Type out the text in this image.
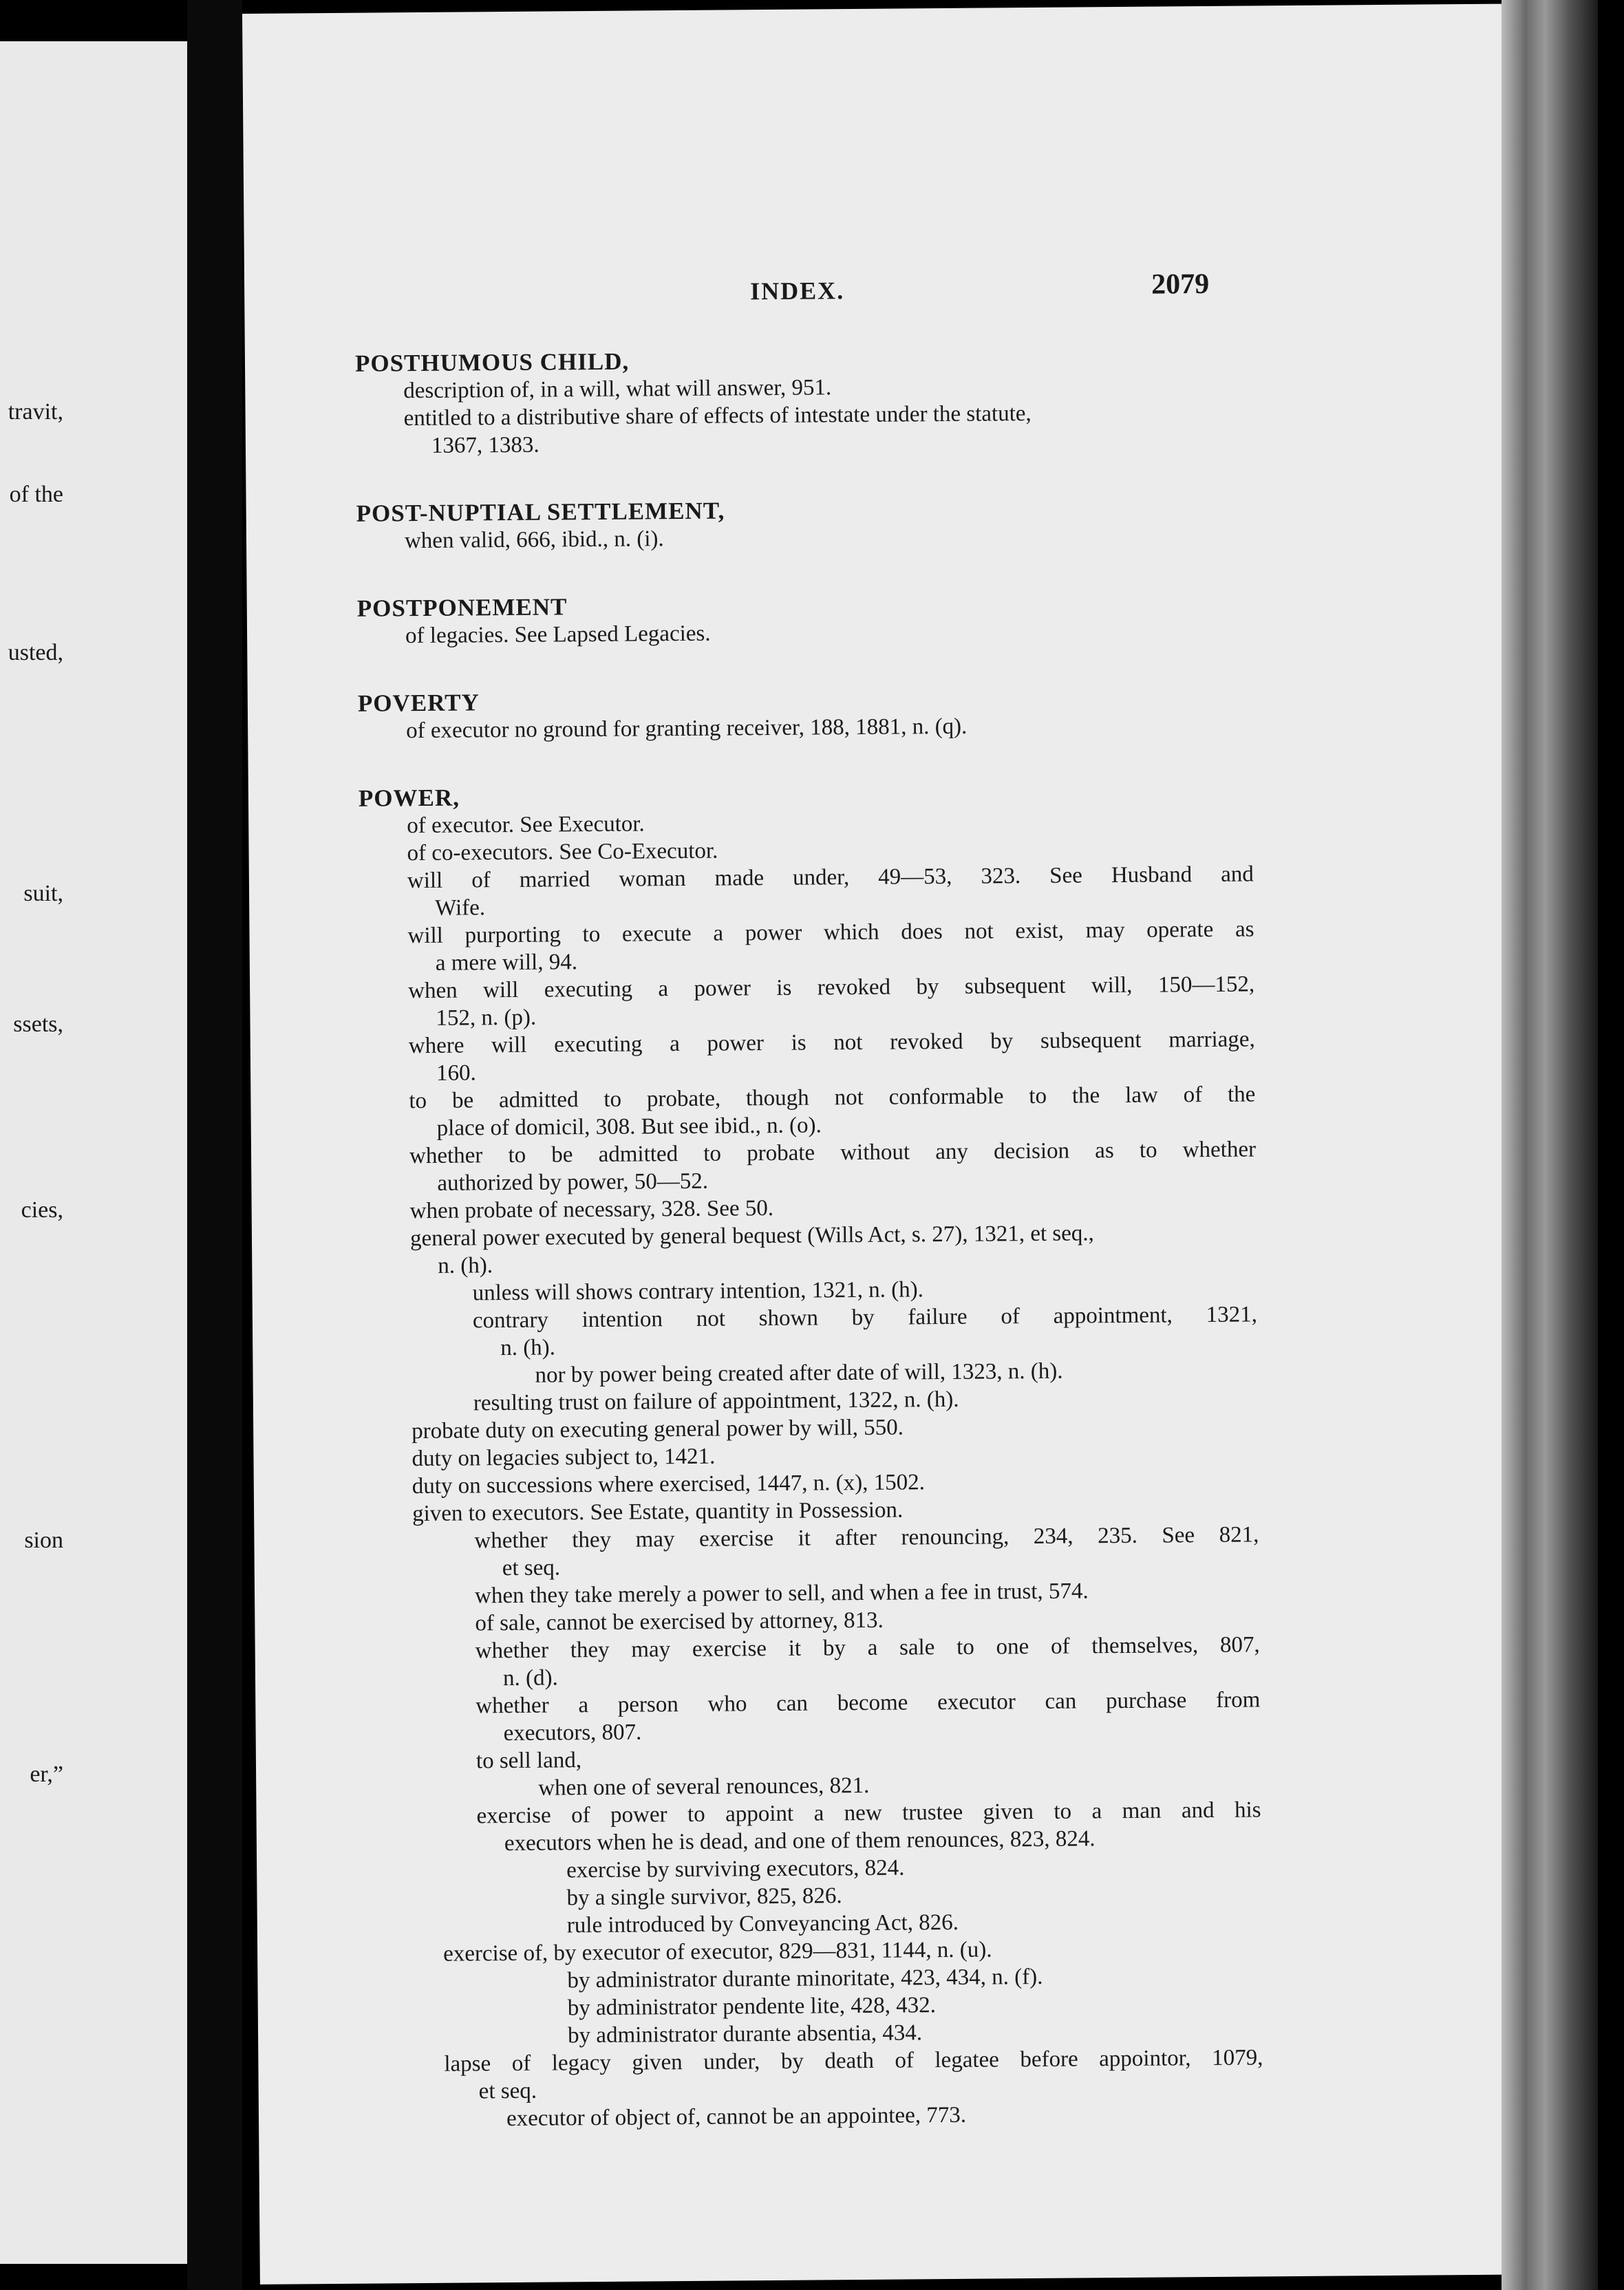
travit,
of the
usted,
suit,
ssets,
cies,
sion
er,”
INDEX.	2079
POSTHUMOUS CHILD,
description of, in a will, what will answer, 951.
entitled to a distributive share of effects of intestate under the statute,
1367, 1383.
POST-NUPTIAL SETTLEMENT,
when valid, 666, ibid., n. (i).
POSTPONEMENT
of legacies. See Lapsed Legacies.
POVERTY
of executor no ground for granting receiver, 188, 1881, n. (q).
POWER,
of executor. See Executor.
of co-executors. See Co-Executor.
will of married woman made under, 49—53, 323. See Husband and
Wife.
will purporting to execute a power which does not exist, may operate as
a mere will, 94.
when will executing a power is revoked by subsequent will, 150—152,
152, n. (p).
where will executing a power is not revoked by subsequent marriage,
160.
to be admitted to probate, though not conformable to the law of the
place of domicil, 308. But see ibid., n. (o).
whether to be admitted to probate without any decision as to whether
authorized by power, 50—52.
when probate of necessary, 328. See 50.
general power executed by general bequest (Wills Act, s. 27), 1321, et seq.,
n. (h).
unless will shows contrary intention, 1321, n. (h).
contrary intention not shown by failure of appointment, 1321,
n. (h).
nor by power being created after date of will, 1323, n. (h).
resulting trust on failure of appointment, 1322, n. (h).
probate duty on executing general power by will, 550.
duty on legacies subject to, 1421.
duty on successions where exercised, 1447, n. (x), 1502.
given to executors. See Estate, quantity in Possession.
whether they may exercise it after renouncing, 234, 235. See 821,
et seq.
when they take merely a power to sell, and when a fee in trust, 574.
of sale, cannot be exercised by attorney, 813.
whether they may exercise it by a sale to one of themselves, 807,
n. (d).
whether a person who can become executor can purchase from
executors, 807.
to sell land,
when one of several renounces, 821.
exercise of power to appoint a new trustee given to a man and his
executors when he is dead, and one of them renounces, 823, 824.
exercise by surviving executors, 824.
by a single survivor, 825, 826.
rule introduced by Conveyancing Act, 826.
exercise of, by executor of executor, 829—831, 1144, n. (u).
by administrator durante minoritate, 423, 434, n. (f).
by administrator pendente lite, 428, 432.
by administrator durante absentia, 434.
lapse of legacy given under, by death of legatee before appointor, 1079,
et seq.
executor of object of, cannot be an appointee, 773.
